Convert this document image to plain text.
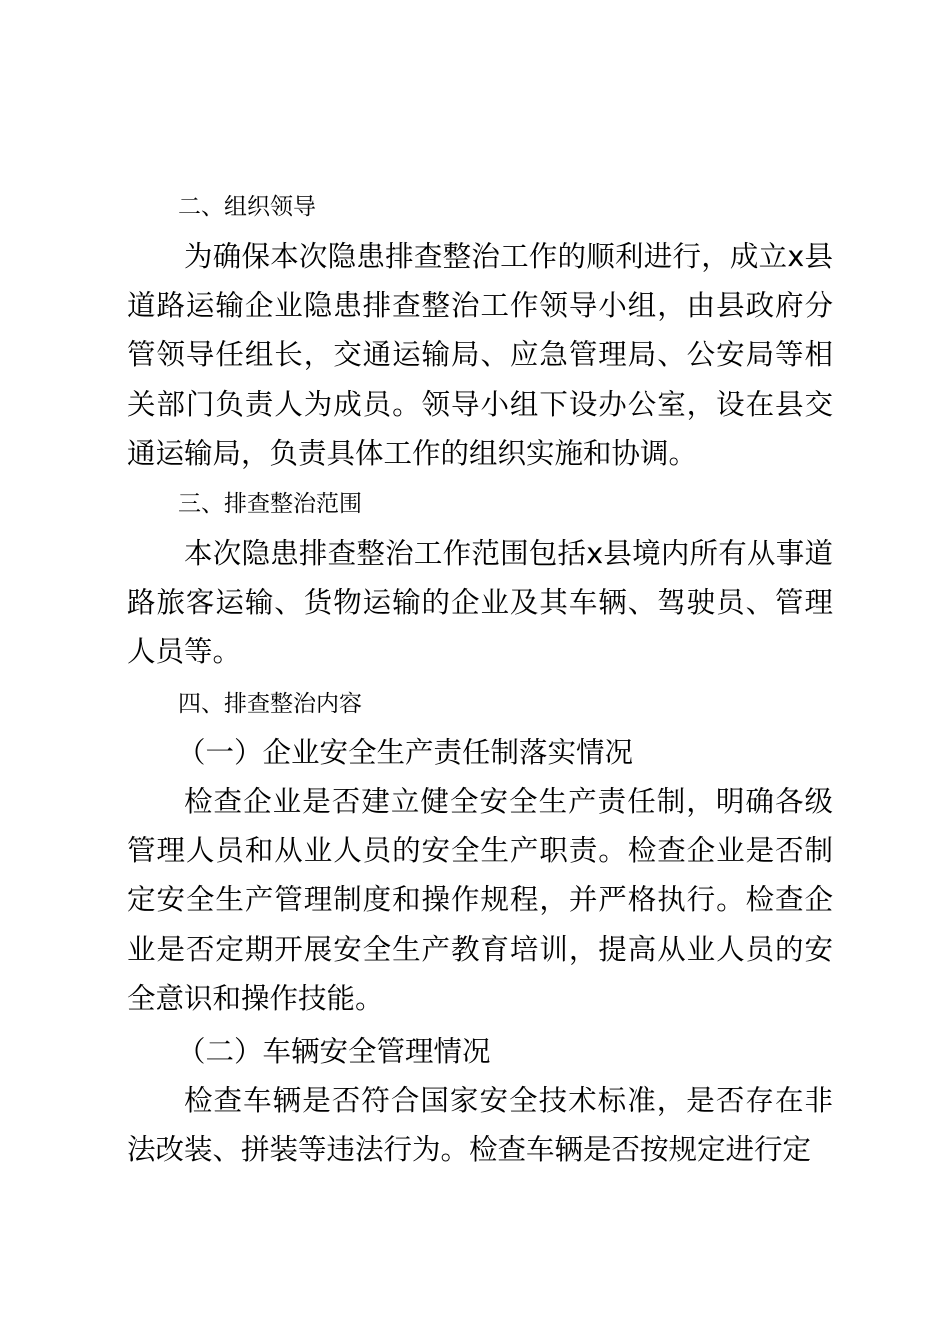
二、组织领导
为确保本次隐患排查整治工作的顺利进行，成立x县道路运输企业隐患排查整治工作领导小组，由县政府分管领导任组长，交通运输局、应急管理局、公安局等相关部门负责人为成员。领导小组下设办公室，设在县交通运输局，负责具体工作的组织实施和协调。
三、排查整治范围
本次隐患排查整治工作范围包括x县境内所有从事道路旅客运输、货物运输的企业及其车辆、驾驶员、管理人员等。
四、排查整治内容
（一）企业安全生产责任制落实情况
检查企业是否建立健全安全生产责任制，明确各级管理人员和从业人员的安全生产职责。检查企业是否制定安全生产管理制度和操作规程，并严格执行。检查企业是否定期开展安全生产教育培训，提高从业人员的安全意识和操作技能。
（二）车辆安全管理情况
检查车辆是否符合国家安全技术标准，是否存在非法改装、拼装等违法行为。检查车辆是否按规定进行定
